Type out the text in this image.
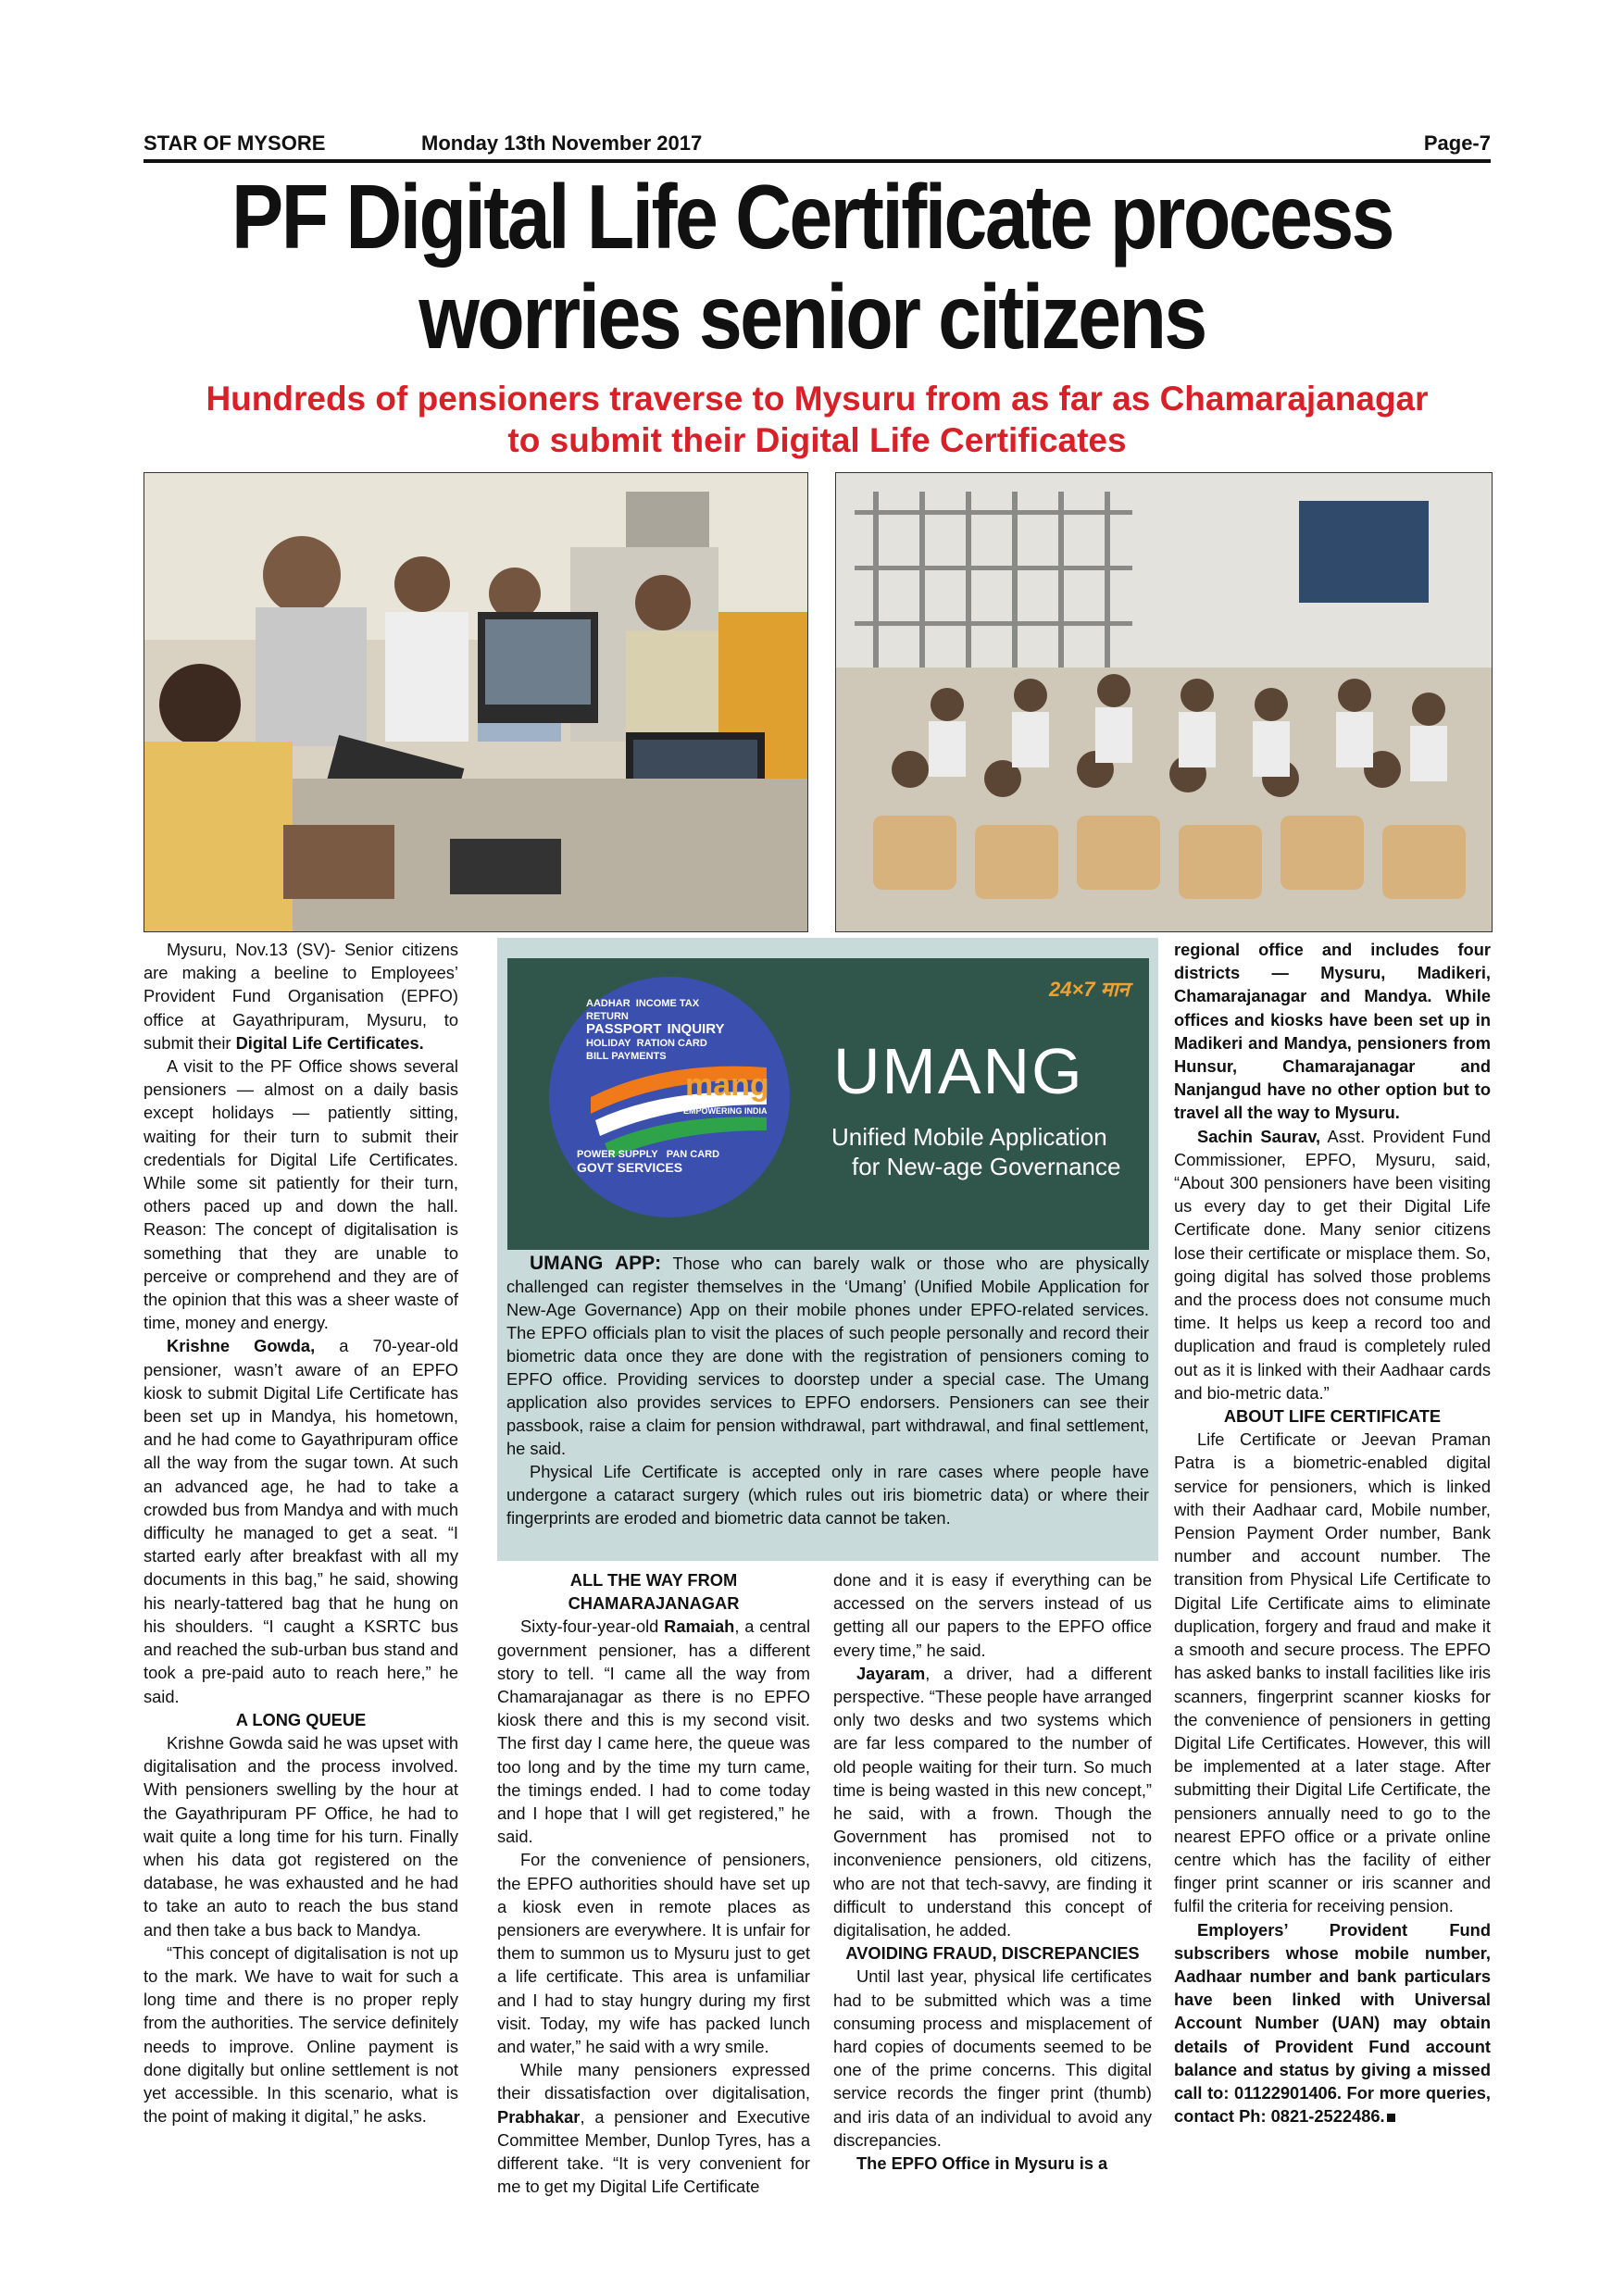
STAR OF MYSORE	Monday 13th November 2017	Page-7
PF Digital Life Certificate process
worries senior citizens
Hundreds of pensioners traverse to Mysuru from as far as Chamarajanagar
to submit their Digital Life Certificates

Mysuru, Nov.13 (SV)- Senior citizens are making a beeline to Employees’ Provident Fund Organisation (EPFO) office at Gayathripuram, Mysuru, to submit their Digital Life Certificates.

A visit to the PF Office shows several pensioners — almost on a daily basis except holidays — patiently sitting, waiting for their turn to submit their credentials for Digital Life Certificates. While some sit patiently for their turn, others paced up and down the hall. Reason: The concept of digitalisation is something that they are unable to perceive or comprehend and they are of the opinion that this was a sheer waste of time, money and energy.

Krishne Gowda, a 70-year-old pensioner, wasn’t aware of an EPFO kiosk to submit Digital Life Certificate has been set up in Mandya, his hometown, and he had come to Gayathripuram office all the way from the sugar town. At such an advanced age, he had to take a crowded bus from Mandya and with much difficulty he managed to get a seat. “I started early after breakfast with all my documents in this bag,” he said, showing his nearly-tattered bag that he hung on his shoulders. “I caught a KSRTC bus and reached the sub-urban bus stand and took a pre-paid auto to reach here,” he said.

A LONG QUEUE

Krishne Gowda said he was upset with digitalisation and the process involved. With pensioners swelling by the hour at the Gayathripuram PF Office, he had to wait quite a long time for his turn. Finally when his data got registered on the database, he was exhausted and he had to take an auto to reach the bus stand and then take a bus back to Mandya.

“This concept of digitalisation is not up to the mark. We have to wait for such a long time and there is no proper reply from the authorities. The service definitely needs to improve. Online payment is done digitally but online settlement is not yet accessible. In this scenario, what is the point of making it digital,” he asks.

AADHAR INCOME TAX RETURN
PASSPORT INQUIRY
HOLIDAY RATION CARD
BILL PAYMENTS
POWER SUPPLY PAN CARD
GOVT SERVICES
mang
EMPOWERING INDIA
24×7 मान
UMANG
Unified Mobile Application
for New-age Governance

UMANG APP: Those who can barely walk or those who are physically challenged can register themselves in the ‘Umang’ (Unified Mobile Application for New-Age Governance) App on their mobile phones under EPFO-related services. The EPFO officials plan to visit the places of such people personally and record their biometric data once they are done with the registration of pensioners coming to EPFO office. Providing services to doorstep under a special case. The Umang application also provides services to EPFO endorsers. Pensioners can see their passbook, raise a claim for pension withdrawal, part withdrawal, and final settlement, he said.

Physical Life Certificate is accepted only in rare cases where people have undergone a cataract surgery (which rules out iris biometric data) or where their fingerprints are eroded and biometric data cannot be taken.

ALL THE WAY FROM CHAMARAJANAGAR

Sixty-four-year-old Ramaiah, a central government pensioner, has a different story to tell. “I came all the way from Chamarajanagar as there is no EPFO kiosk there and this is my second visit. The first day I came here, the queue was too long and by the time my turn came, the timings ended. I had to come today and I hope that I will get registered,” he said.

For the convenience of pensioners, the EPFO authorities should have set up a kiosk even in remote places as pensioners are everywhere. It is unfair for them to summon us to Mysuru just to get a life certificate. This area is unfamiliar and I had to stay hungry during my first visit. Today, my wife has packed lunch and water,” he said with a wry smile.

While many pensioners expressed their dissatisfaction over digitalisation, Prabhakar, a pensioner and Executive Committee Member, Dunlop Tyres, has a different take. “It is very convenient for me to get my Digital Life Certificate

done and it is easy if everything can be accessed on the servers instead of us getting all our papers to the EPFO office every time,” he said.

Jayaram, a driver, had a different perspective. “These people have arranged only two desks and two systems which are far less compared to the number of old people waiting for their turn. So much time is being wasted in this new concept,” he said, with a frown. Though the Government has promised not to inconvenience pensioners, old citizens, who are not that tech-savvy, are finding it difficult to understand this concept of digitalisation, he added.

AVOIDING FRAUD, DISCREPANCIES

Until last year, physical life certificates had to be submitted which was a time consuming process and misplacement of hard copies of documents seemed to be one of the prime concerns. This digital service records the finger print (thumb) and iris data of an individual to avoid any discrepancies.

The EPFO Office in Mysuru is a

regional office and includes four districts — Mysuru, Madikeri, Chamarajanagar and Mandya. While offices and kiosks have been set up in Madikeri and Mandya, pensioners from Hunsur, Chamarajanagar and Nanjangud have no other option but to travel all the way to Mysuru.

Sachin Saurav, Asst. Provident Fund Commissioner, EPFO, Mysuru, said, “About 300 pensioners have been visiting us every day to get their Digital Life Certificate done. Many senior citizens lose their certificate or misplace them. So, going digital has solved those problems and the process does not consume much time. It helps us keep a record too and duplication and fraud is completely ruled out as it is linked with their Aadhaar cards and bio-metric data.”

ABOUT LIFE CERTIFICATE

Life Certificate or Jeevan Praman Patra is a biometric-enabled digital service for pensioners, which is linked with their Aadhaar card, Mobile number, Pension Payment Order number, Bank number and account number. The transition from Physical Life Certificate to Digital Life Certificate aims to eliminate duplication, forgery and fraud and make it a smooth and secure process. The EPFO has asked banks to install facilities like iris scanners, fingerprint scanner kiosks for the convenience of pensioners in getting Digital Life Certificates. However, this will be implemented at a later stage. After submitting their Digital Life Certificate, the pensioners annually need to go to the nearest EPFO office or a private online centre which has the facility of either finger print scanner or iris scanner and fulfil the criteria for receiving pension.

Employers’ Provident Fund subscribers whose mobile number, Aadhaar number and bank particulars have been linked with Universal Account Number (UAN) may obtain details of Provident Fund account balance and status by giving a missed call to: 01122901406. For more queries, contact Ph: 0821-2522486.
